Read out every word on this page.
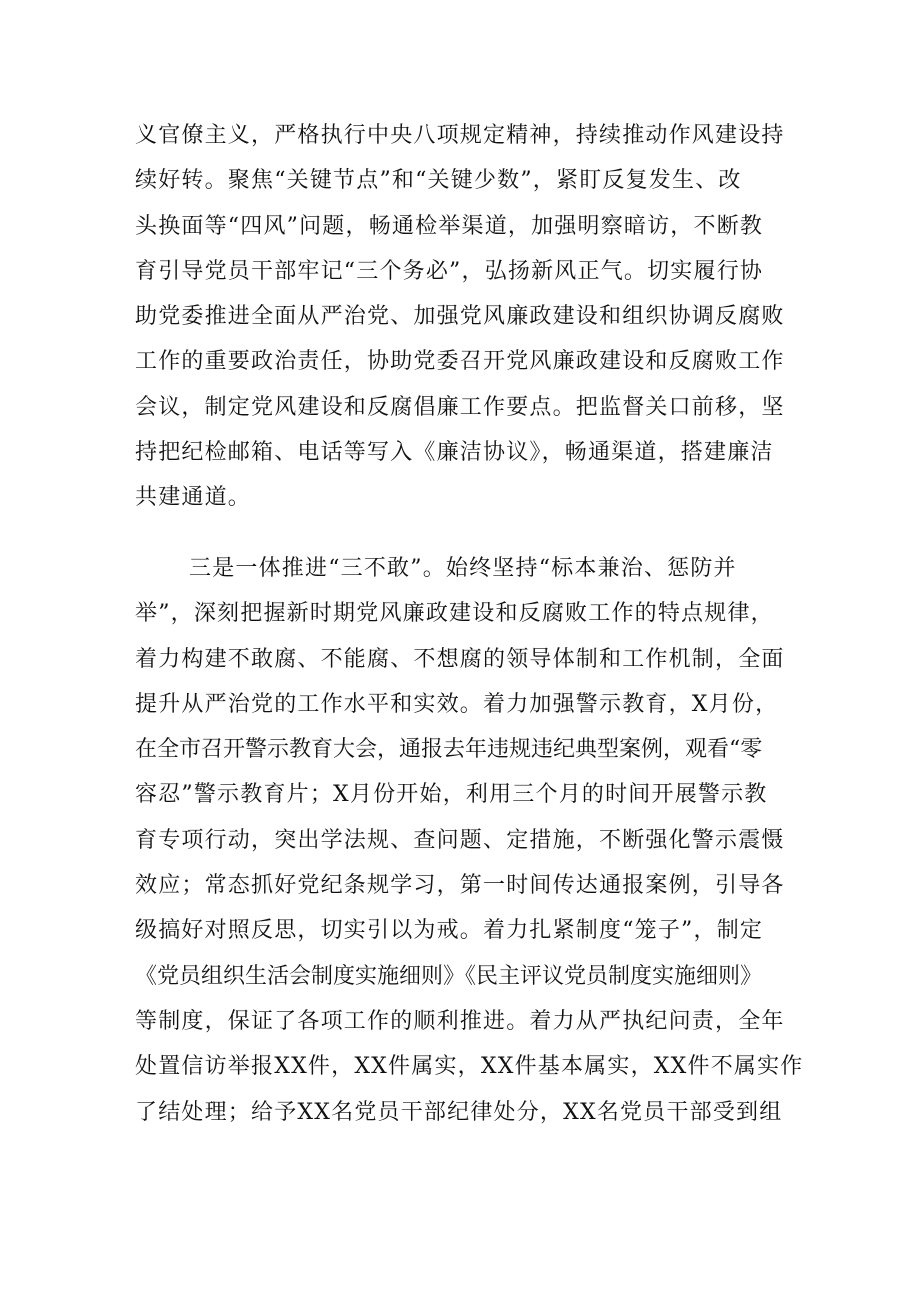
义官僚主义，严格执行中央八项规定精神，持续推动作风建设持
续好转。聚焦“关键节点”和“关键少数”，紧盯反复发生、改
头换面等“四风”问题，畅通检举渠道，加强明察暗访，不断教
育引导党员干部牢记“三个务必”，弘扬新风正气。切实履行协
助党委推进全面从严治党、加强党风廉政建设和组织协调反腐败
工作的重要政治责任，协助党委召开党风廉政建设和反腐败工作
会议，制定党风建设和反腐倡廉工作要点。把监督关口前移，坚
持把纪检邮箱、电话等写入《廉洁协议》，畅通渠道，搭建廉洁
共建通道。
三是一体推进“三不敢”。始终坚持“标本兼治、惩防并
举”，深刻把握新时期党风廉政建设和反腐败工作的特点规律，
着力构建不敢腐、不能腐、不想腐的领导体制和工作机制，全面
提升从严治党的工作水平和实效。着力加强警示教育，X月份，
在全市召开警示教育大会，通报去年违规违纪典型案例，观看“零
容忍”警示教育片；X月份开始，利用三个月的时间开展警示教
育专项行动，突出学法规、查问题、定措施，不断强化警示震慑
效应；常态抓好党纪条规学习，第一时间传达通报案例，引导各
级搞好对照反思，切实引以为戒。着力扎紧制度“笼子”，制定
《党员组织生活会制度实施细则》《民主评议党员制度实施细则》
等制度，保证了各项工作的顺利推进。着力从严执纪问责，全年
处置信访举报XX件，XX件属实，XX件基本属实，XX件不属实作
了结处理；给予XX名党员干部纪律处分，XX名党员干部受到组
